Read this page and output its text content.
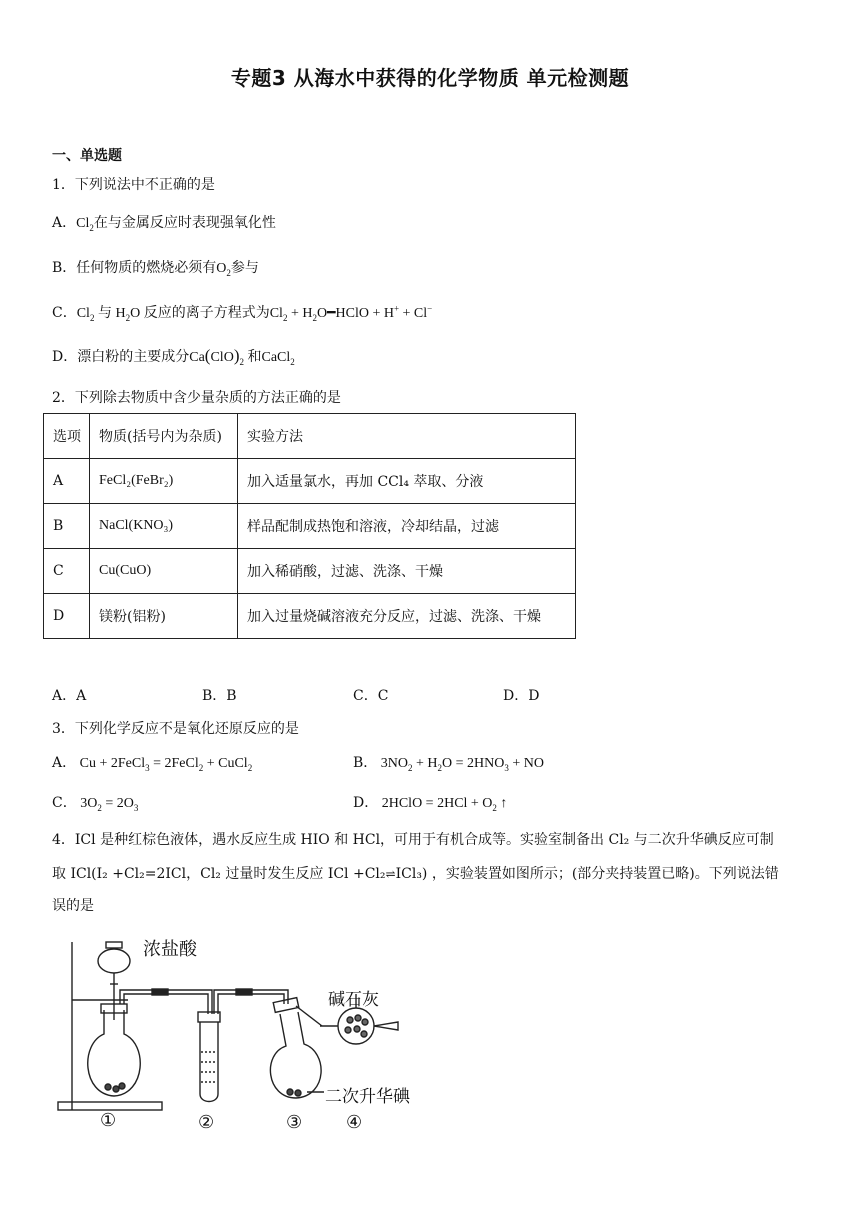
专题3 从海水中获得的化学物质 单元检测题
一、单选题
1．下列说法中不正确的是
A．$Cl_2$在与金属反应时表现强氧化性
B．任何物质的燃烧必须有$O_2$参与
C．$Cl_2$ 与 $H_2O$ 反应的离子方程式为$Cl_2$ + $H_2O━HClO + H^+ + Cl^-$
D．漂白粉的主要成分$Ca(ClO)_2$ 和CaCl$_2$
2．下列除去物质中含少量杂质的方法正确的是
选项	物质(括号内为杂质)	实验方法
A	FeCl₂(FeBr₂)	加入适量氯水，再加 CCl₄ 萃取、分液
B	NaCl(KNO₃)	样品配制成热饱和溶液，冷却结晶，过滤
C	Cu(CuO)	加入稀硝酸，过滤、洗涤、干燥
D	镁粉(铝粉)	加入过量烧碱溶液充分反应，过滤、洗涤、干燥
A．A	B．B	C．C	D．D
3．下列化学反应不是氧化还原反应的是
A． Cu + 2FeCl$_3$ = 2FeCl$_2$ + CuCl$_2$	B． $3NO_2 + H_2O = 2HNO_3$ + NO
C． $3O_2 = 2O_3$	D． 2HClO = $2HCl + O_2$ ↑
4．ICl 是种红棕色液体，遇水反应生成 HIO 和 HCl，可用于有机合成等。实验室制备出 Cl₂ 与二次升华碘反应可制
取 ICl(I₂ +Cl₂=2ICl，Cl₂ 过量时发生反应 ICl +Cl₂⇌ICl₃) ，实验装置如图所示；(部分夹持装置已略)。下列说法错
误的是
浓盐酸
碱石灰
二次升华碘
①	②	③ ④
